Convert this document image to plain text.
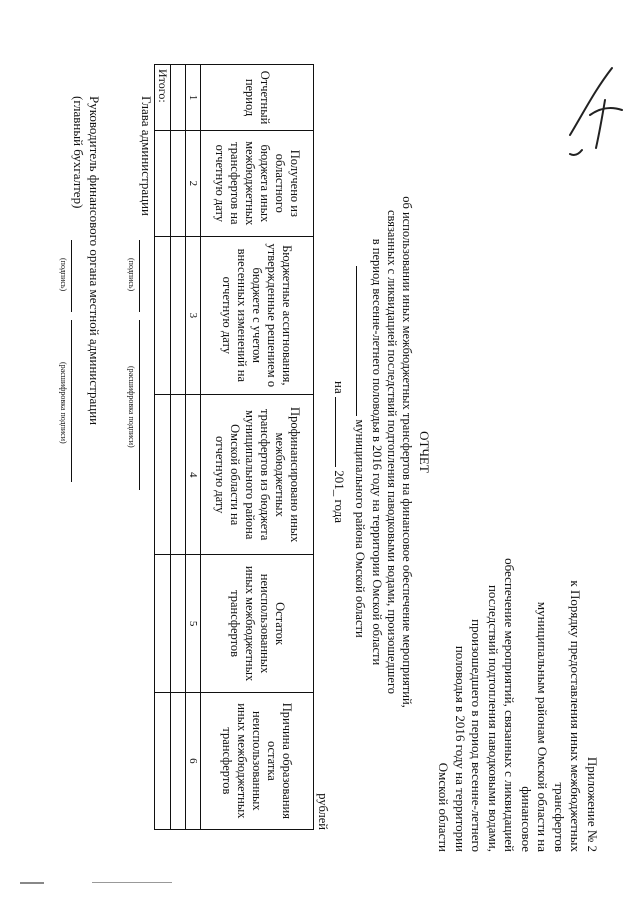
Приложение № 2
к Порядку предоставления иных межбюджетных трансфертов
муниципальным районам Омской области на финансовое
обеспечение мероприятий, связанных с ликвидацией
последствий подтопления паводковыми водами,
произошедшего в период весенне-летнего
половодья в 2016 году на территории
Омской области
ОТЧЕТ
об использовании иных межбюджетных трансфертов на финансовое обеспечение мероприятий,
связанных с ликвидацией последствий подтопления паводковыми водами, произошедшего
в период весенне-летнего половодья в 2016 году на территории Омской области
муниципального района Омской области
на  201_ года
рублей
Отчетный период	Получено из областного бюджета иных межбюджетных трансфертов на отчетную дату	Бюджетные ассигнования, утвержденные решением о бюджете с учетом внесенных изменений на отчетную дату	Профинансировано иных межбюджетных трансфертов из бюджета муниципального района Омской области на отчетную дату	Остаток неиспользованных иных межбюджетных трансфертов	Причина образования остатка неиспользованных иных межбюджетных трансфертов
1	2	3	4	5	6

Итого:					
Глава администрации
(подпись)
(расшифровка подписи)
Руководитель финансового органа местной администрации
(главный бухгалтер)
(подпись)
(расшифровка подписи)
